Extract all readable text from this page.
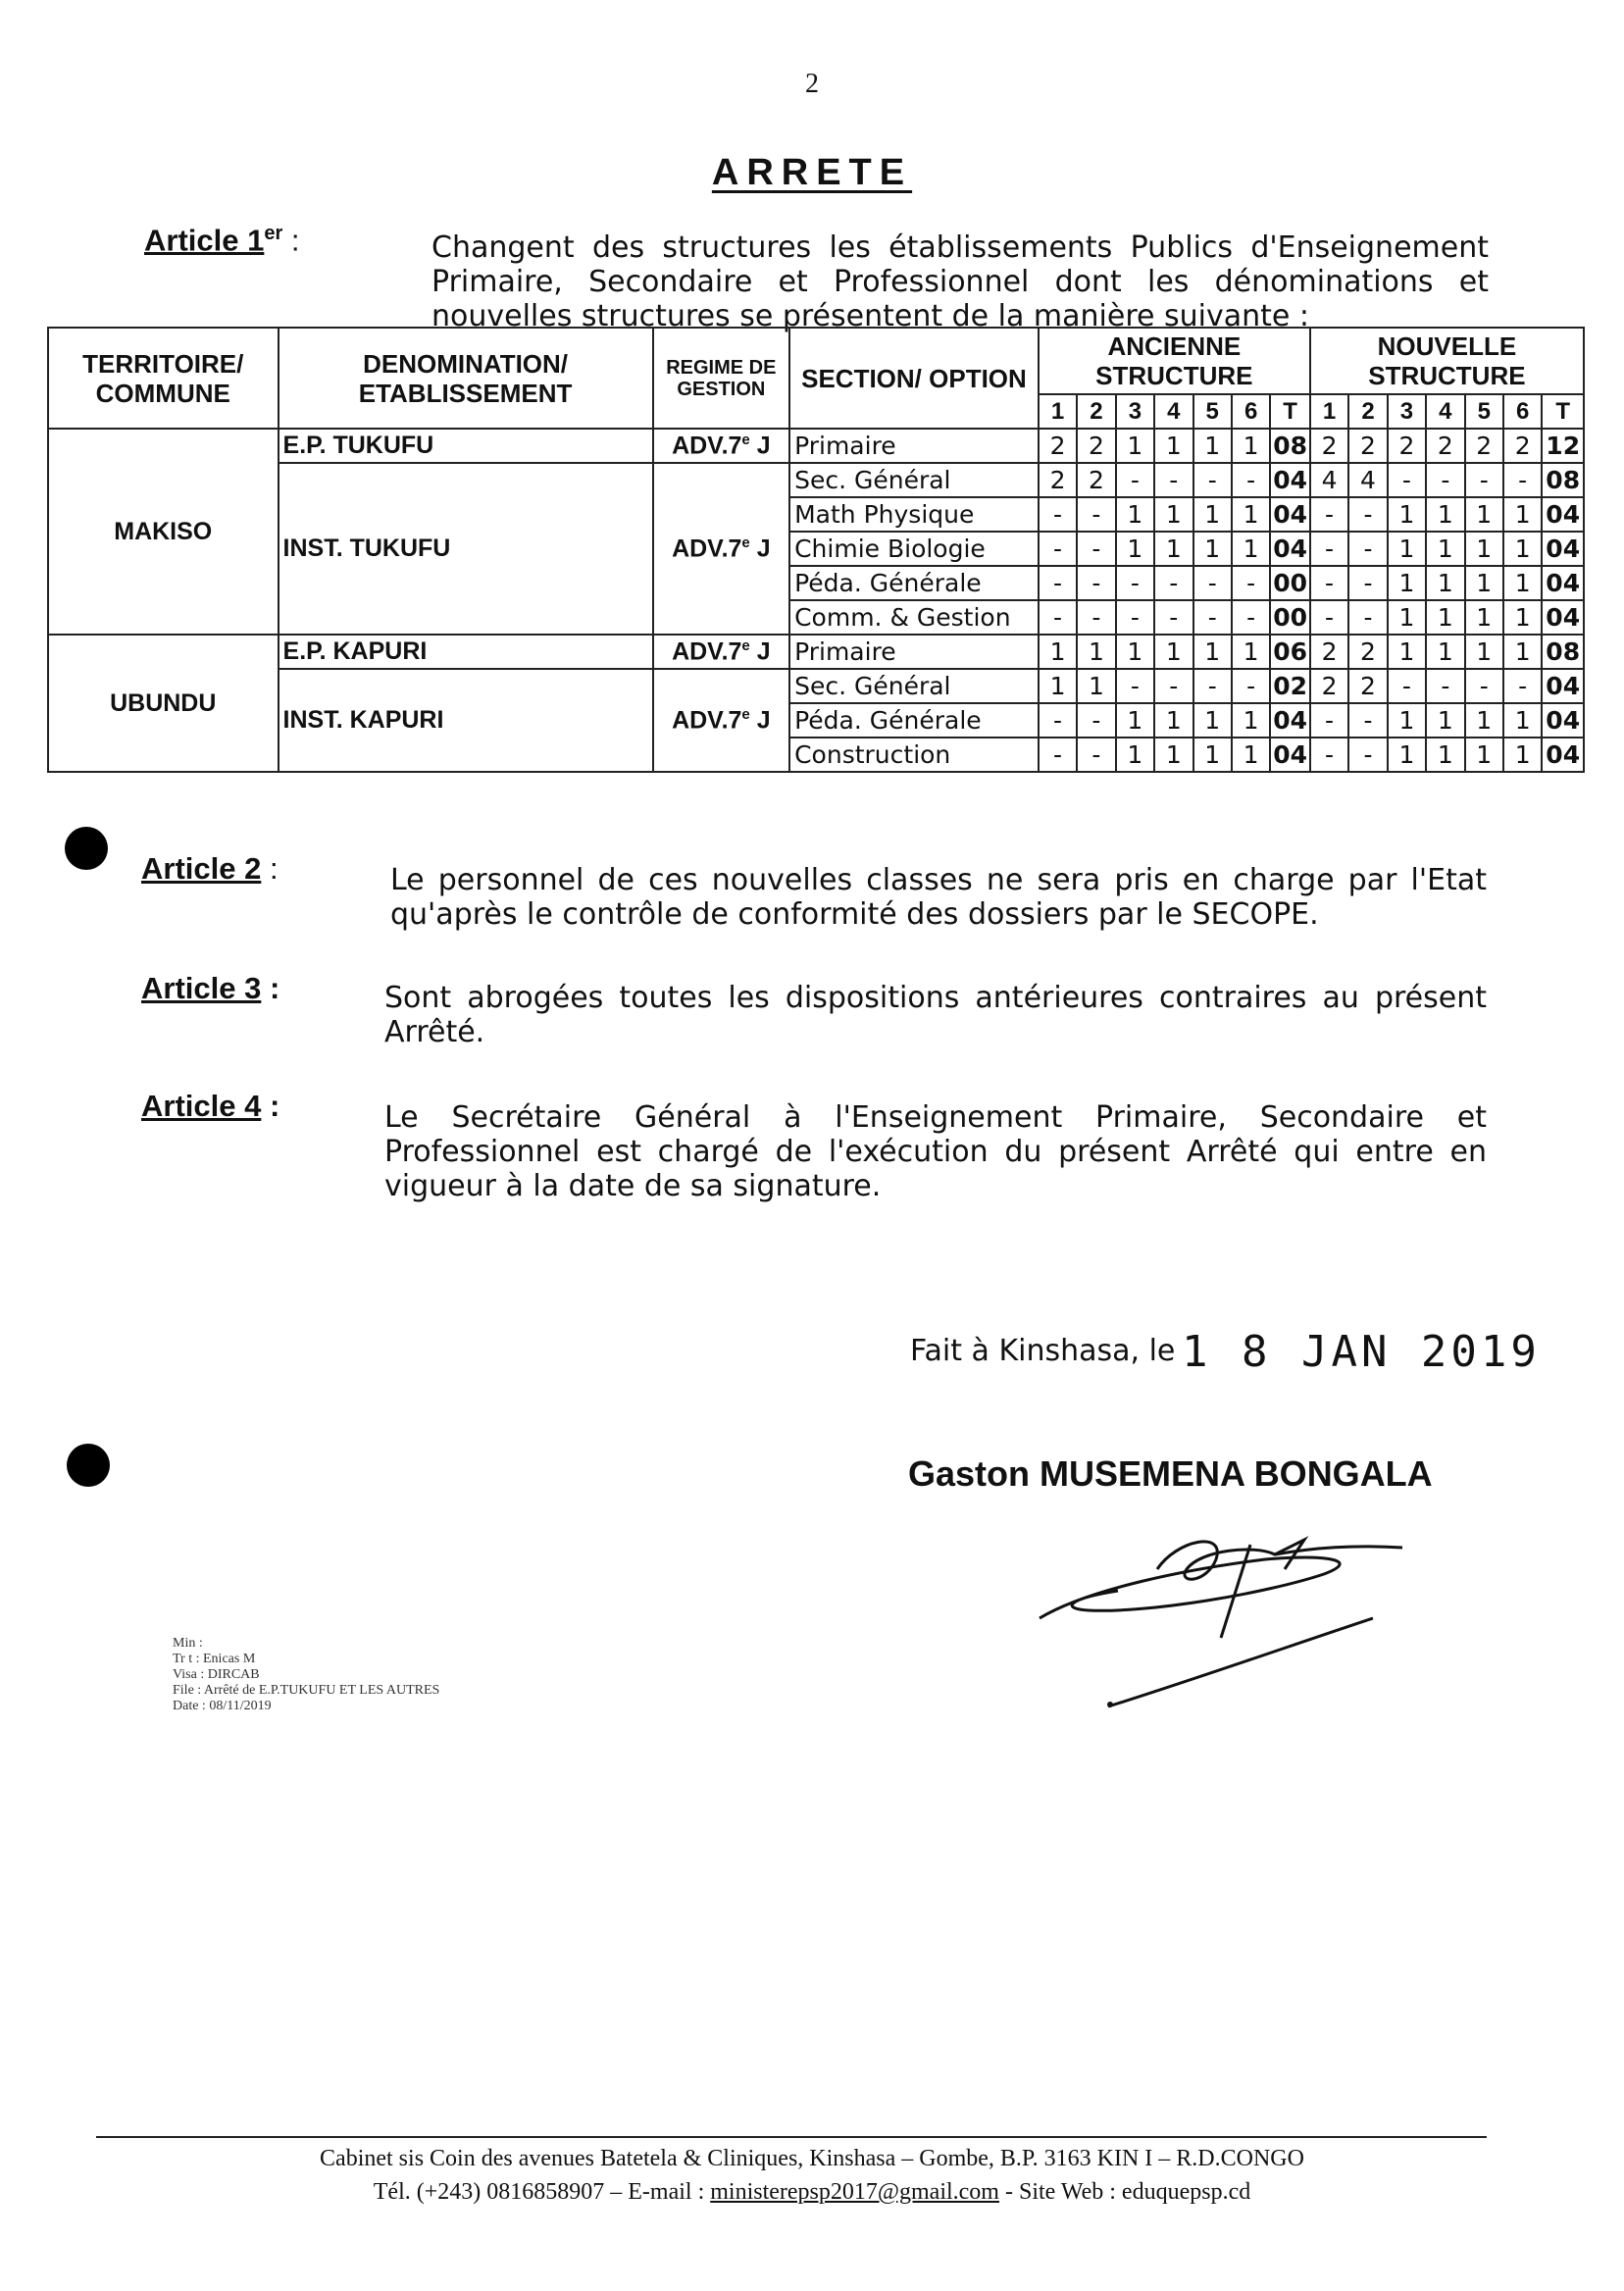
2
ARRETE
Article 1er :	Changent des structures les établissements Publics d'Enseignement Primaire, Secondaire et Professionnel dont les dénominations et nouvelles structures se présentent de la manière suivante :
TERRITOIRE/ COMMUNE	DENOMINATION/ ETABLISSEMENT	REGIME DE GESTION	SECTION/ OPTION	ANCIENNE STRUCTURE							NOUVELLE STRUCTURE						
				1	2	3	4	5	6	T	1	2	3	4	5	6	T
MAKISO	E.P. TUKUFU	ADV.7e J	Primaire	2	2	1	1	1	1	08	2	2	2	2	2	2	12
	INST. TUKUFU	ADV.7e J	Sec. Général	2	2	-	-	-	-	04	4	4	-	-	-	-	08
			Math Physique	-	-	1	1	1	1	04	-	-	1	1	1	1	04
			Chimie Biologie	-	-	1	1	1	1	04	-	-	1	1	1	1	04
			Péda. Générale	-	-	-	-	-	-	00	-	-	1	1	1	1	04
			Comm. & Gestion	-	-	-	-	-	-	00	-	-	1	1	1	1	04
UBUNDU	E.P. KAPURI	ADV.7e J	Primaire	1	1	1	1	1	1	06	2	2	1	1	1	1	08
	INST. KAPURI	ADV.7e J	Sec. Général	1	1	-	-	-	-	02	2	2	-	-	-	-	04
			Péda. Générale	-	-	1	1	1	1	04	-	-	1	1	1	1	04
			Construction	-	-	1	1	1	1	04	-	-	1	1	1	1	04
Article 2 :	Le personnel de ces nouvelles classes ne sera pris en charge par l'Etat qu'après le contrôle de conformité des dossiers par le SECOPE.
Article 3 :	Sont abrogées toutes les dispositions antérieures contraires au présent Arrêté.
Article 4 :	Le Secrétaire Général à l'Enseignement Primaire, Secondaire et Professionnel est chargé de l'exécution du présent Arrêté qui entre en vigueur à la date de sa signature.
Fait à Kinshasa, le 1 8 JAN 2019
Gaston MUSEMENA BONGALA
Min :
Tr t : Enicas M
Visa : DIRCAB
File : Arrêté de E.P.TUKUFU ET LES AUTRES
Date : 08/11/2019
Cabinet sis Coin des avenues Batetela & Cliniques, Kinshasa – Gombe, B.P. 3163 KIN I – R.D.CONGO
Tél. (+243) 0816858907 – E-mail : ministerepsp2017@gmail.com - Site Web : eduquepsp.cd
